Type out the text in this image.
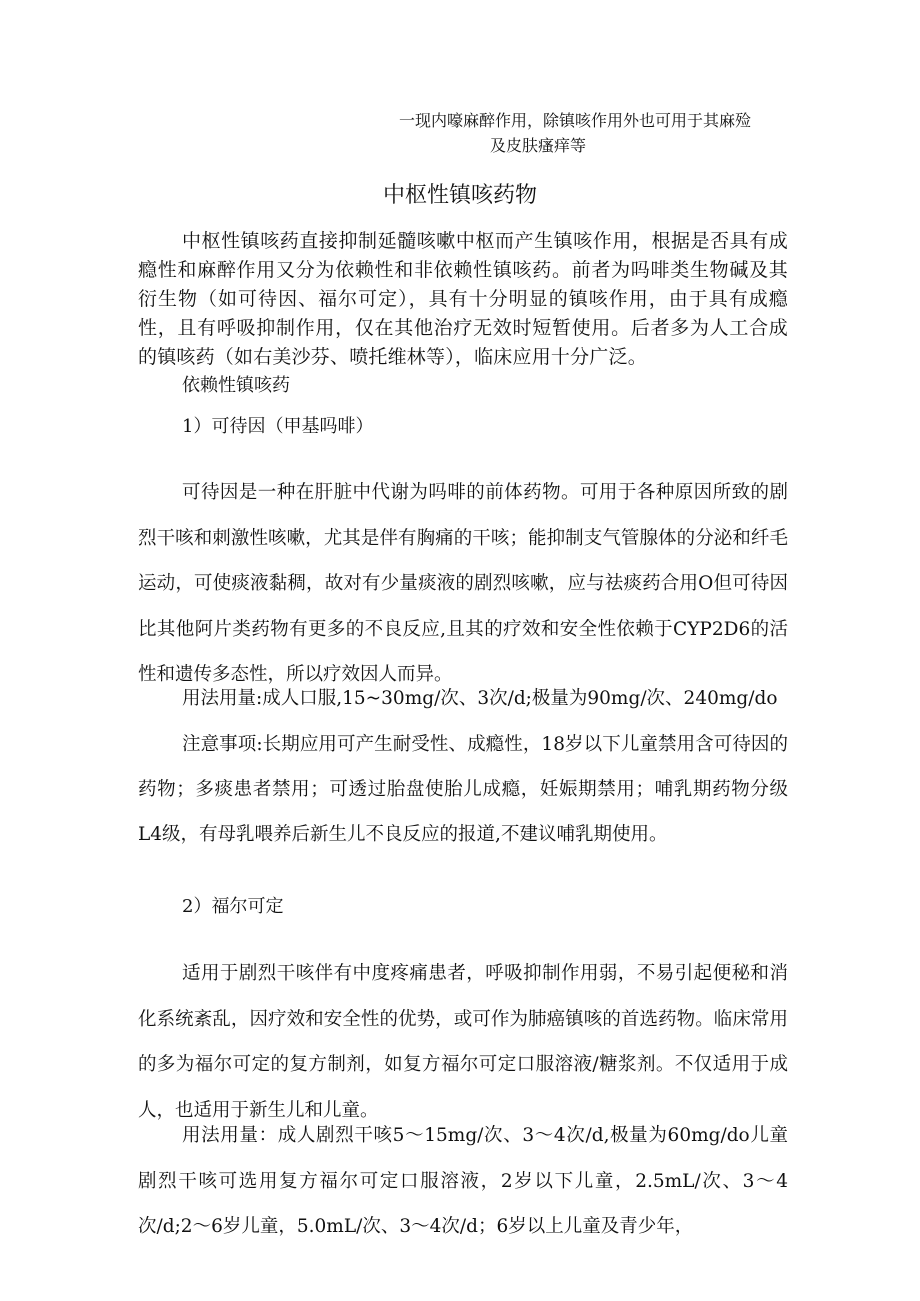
一现内嚎麻醉作用，除镇咳作用外也可用于其麻殓

及皮肤瘙痒等

中枢性镇咳药物

中枢性镇咳药直接抑制延髓咳嗽中枢而产生镇咳作用，根据是否具有成瘾性和麻醉作用又分为依赖性和非依赖性镇咳药。前者为吗啡类生物碱及其衍生物（如可待因、福尔可定），具有十分明显的镇咳作用，由于具有成瘾性，且有呼吸抑制作用，仅在其他治疗无效时短暂使用。后者多为人工合成的镇咳药（如右美沙芬、喷托维林等），临床应用十分广泛。

依赖性镇咳药

1）可待因（甲基吗啡）

可待因是一种在肝脏中代谢为吗啡的前体药物。可用于各种原因所致的剧烈干咳和刺激性咳嗽，尤其是伴有胸痛的干咳；能抑制支气管腺体的分泌和纤毛运动，可使痰液黏稠，故对有少量痰液的剧烈咳嗽，应与祛痰药合用O但可待因比其他阿片类药物有更多的不良反应,且其的疗效和安全性依赖于CYP2D6的活性和遗传多态性，所以疗效因人而异。

用法用量:成人口服,15~30mg/次、3次/d;极量为90mg/次、240mg/do

注意事项:长期应用可产生耐受性、成瘾性，18岁以下儿童禁用含可待因的药物；多痰患者禁用；可透过胎盘使胎儿成瘾，妊娠期禁用；哺乳期药物分级L4级，有母乳喂养后新生儿不良反应的报道,不建议哺乳期使用。

2）福尔可定

适用于剧烈干咳伴有中度疼痛患者，呼吸抑制作用弱，不易引起便秘和消化系统紊乱，因疗效和安全性的优势，或可作为肺癌镇咳的首选药物。临床常用的多为福尔可定的复方制剂，如复方福尔可定口服溶液/糖浆剂。不仅适用于成人，也适用于新生儿和儿童。

用法用量：成人剧烈干咳5～15mg∕次、3～4次∕d,极量为60mg/do儿童剧烈干咳可选用复方福尔可定口服溶液，2岁以下儿童，2.5mL∕次、3～4次/d;2～6岁儿童，5.0mL∕次、3～4次/d；6岁以上儿童及青少年，
